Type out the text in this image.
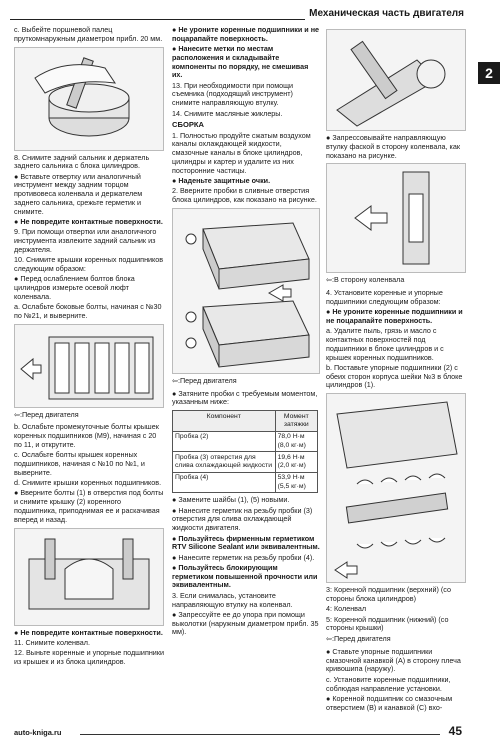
Механическая часть двигателя
2

c. Выбейте поршневой палец пруткомнаружным диаметром прибл. 20 мм.

8. Снимите задний сальник и держатель заднего сальника с блока цилиндров.

● Вставьте отвертку или аналогичный инструмент между задним торцом противовеса коленвала и держателем заднего сальника, срежьте герметик и снимите.

● Не повредите контактные поверхности.

9. При помощи отвертки или аналогичного инструмента извлеките задний сальник из держателя.

10. Снимите крышки коренных подшипников следующим образом:

● Перед ослаблением болтов блока цилиндров измерьте осевой люфт коленвала.

a. Ослабьте боковые болты, начиная с №30 по №21, и выверните.

⇦:Перед двигателя

b. Ослабьте промежуточные болты крышек коренных подшипников (M9), начиная с 20 по 11, и открутите.

c. Ослабьте болты крышек коренных подшипников, начиная с №10 по №1, и выверните.

d. Снимите крышки коренных подшипников.

● Вверните болты (1) в отверстия под болты и снимите крышку (2) коренного подшипника, приподнимая ее и раскачивая вперед и назад.

● Не повредите контактные поверхности.

11. Снимите коленвал.

12. Выньте коренные и упорные подшипники из крышек и из блока цилиндров.

● Не уроните коренные подшипники и не поцарапайте поверхность.

● Нанесите метки по местам расположения и складывайте компоненты по порядку, не смешивая их.

13. При необходимости при помощи съемника (подходящий инструмент) снимите направляющую втулку.

14. Снимите масляные жиклеры.

СБОРКА

1. Полностью продуйте сжатым воздухом каналы охлаждающей жидкости, смазочные каналы в блоке цилиндров, цилиндры и картер и удалите из них посторонние частицы.

● Наденьте защитные очки.

2. Вверните пробки в сливные отверстия блока цилиндров, как показано на рисунке.

⇦:Перед двигателя

● Затяните пробки с требуемым моментом, указанным ниже:

Компонент	Момент затяжки
Пробка (2)	78,0 Н·м (8,0 кг·м)
Пробка (3) отверстия для слива охлаждающей жидкости	19,6 Н·м (2,0 кг·м)
Пробка (4)	53,9 Н·м (5,5 кг·м)

● Замените шайбы (1), (5) новыми.

● Нанесите герметик на резьбу пробки (3) отверстия для слива охлаждающей жидкости двигателя.

● Пользуйтесь фирменным герметиком RTV Silicone Sealant или эквивалентным.

● Нанесите герметик на резьбу пробки (4).

● Пользуйтесь блокирующим герметиком повышенной прочности или эквивалентным.

3. Если снималась, установите направляющую втулку на коленвал.

● Запрессуйте ее до упора при помощи выколотки (наружным диаметром прибл. 35 мм).

● Запрессовывайте направляющую втулку фаской в сторону коленвала, как показано на рисунке.

⇦:В сторону коленвала

4. Установите коренные и упорные подшипники следующим образом:

● Не уроните коренные подшипники и не поцарапайте поверхность.

a. Удалите пыль, грязь и масло с контактных поверхностей под подшипники в блоке цилиндров и с крышек коренных подшипников.

b. Поставьте упорные подшипники (2) с обеих сторон корпуса шейки №3 в блоке цилиндров (1).

3: Коренной подшипник (верхний) (со стороны блока цилиндров)

4: Коленвал

5: Коренной подшипник (нижний) (со стороны крышки)

⇦:Перед двигателя

● Ставьте упорные подшипники смазочной канавкой (A) в сторону плеча кривошипа (наружу).

c. Установите коренные подшипники, соблюдая направление установки.

● Коренной подшипник со смазочным отверстием (B) и канавкой (C) вхо-

auto-kniga.ru	45
